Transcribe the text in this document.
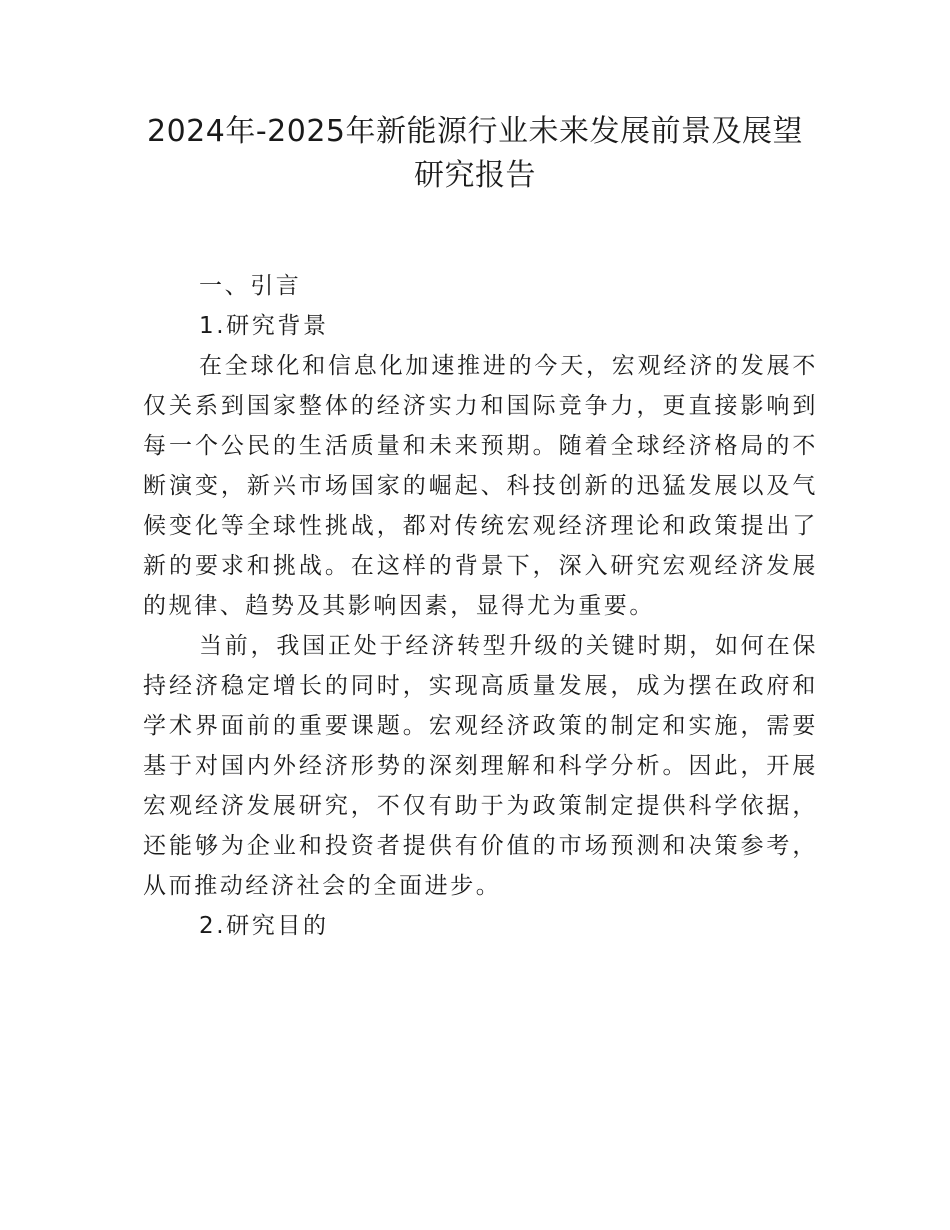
2024年-2025年新能源行业未来发展前景及展望
研究报告
一、引言
1.研究背景

在全球化和信息化加速推进的今天，宏观经济的发展不仅关系到国家整体的经济实力和国际竞争力，更直接影响到每一个公民的生活质量和未来预期。随着全球经济格局的不断演变，新兴市场国家的崛起、科技创新的迅猛发展以及气候变化等全球性挑战，都对传统宏观经济理论和政策提出了新的要求和挑战。在这样的背景下，深入研究宏观经济发展的规律、趋势及其影响因素，显得尤为重要。

当前，我国正处于经济转型升级的关键时期，如何在保持经济稳定增长的同时，实现高质量发展，成为摆在政府和学术界面前的重要课题。宏观经济政策的制定和实施，需要基于对国内外经济形势的深刻理解和科学分析。因此，开展宏观经济发展研究，不仅有助于为政策制定提供科学依据，还能够为企业和投资者提供有价值的市场预测和决策参考，从而推动经济社会的全面进步。

2.研究目的
